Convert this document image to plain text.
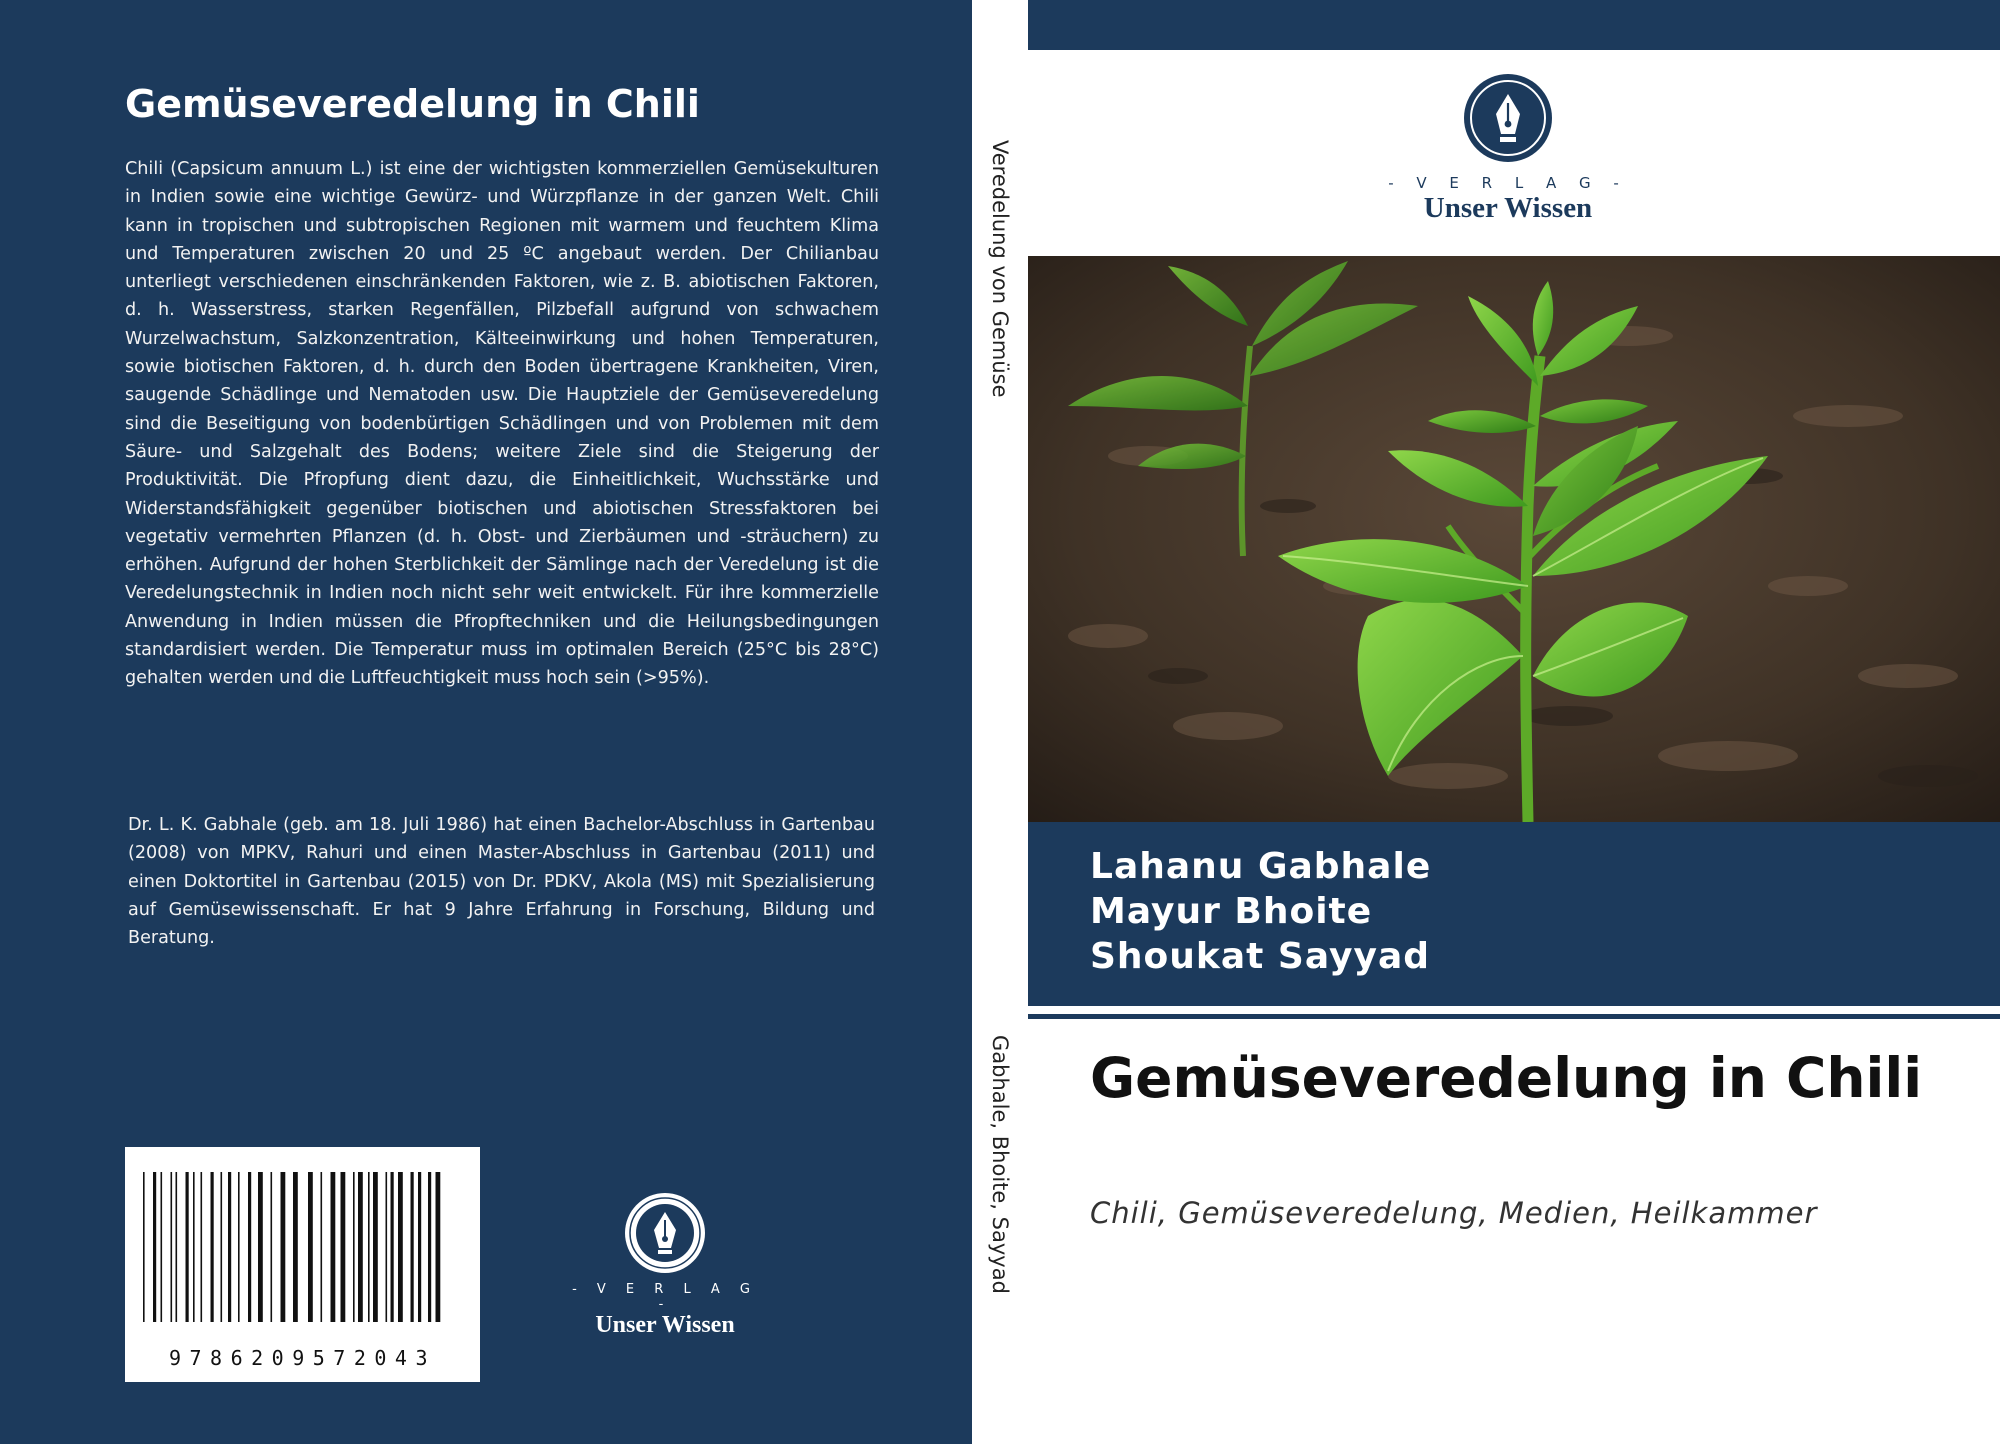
Gemüseveredelung in Chili

Chili (Capsicum annuum L.) ist eine der wichtigsten kommerziellen Gemüsekulturen in Indien sowie eine wichtige Gewürz- und Würzpflanze in der ganzen Welt. Chili kann in tropischen und subtropischen Regionen mit warmem und feuchtem Klima und Temperaturen zwischen 20 und 25 ºC angebaut werden. Der Chilianbau unterliegt verschiedenen einschränkenden Faktoren, wie z. B. abiotischen Faktoren, d. h. Wasserstress, starken Regenfällen, Pilzbefall aufgrund von schwachem Wurzelwachstum, Salzkonzentration, Kälteeinwirkung und hohen Temperaturen, sowie biotischen Faktoren, d. h. durch den Boden übertragene Krankheiten, Viren, saugende Schädlinge und Nematoden usw. Die Hauptziele der Gemüseveredelung sind die Beseitigung von bodenbürtigen Schädlingen und von Problemen mit dem Säure- und Salzgehalt des Bodens; weitere Ziele sind die Steigerung der Produktivität. Die Pfropfung dient dazu, die Einheitlichkeit, Wuchsstärke und Widerstandsfähigkeit gegenüber biotischen und abiotischen Stressfaktoren bei vegetativ vermehrten Pflanzen (d. h. Obst- und Zierbäumen und -sträuchern) zu erhöhen. Aufgrund der hohen Sterblichkeit der Sämlinge nach der Veredelung ist die Veredelungstechnik in Indien noch nicht sehr weit entwickelt. Für ihre kommerzielle Anwendung in Indien müssen die Pfropftechniken und die Heilungsbedingungen standardisiert werden. Die Temperatur muss im optimalen Bereich (25°C bis 28°C) gehalten werden und die Luftfeuchtigkeit muss hoch sein (>95%).

Dr. L. K. Gabhale (geb. am 18. Juli 1986) hat einen Bachelor-Abschluss in Gartenbau (2008) von MPKV, Rahuri und einen Master-Abschluss in Gartenbau (2011) und einen Doktortitel in Gartenbau (2015) von Dr. PDKV, Akola (MS) mit Spezialisierung auf Gemüsewissenschaft. Er hat 9 Jahre Erfahrung in Forschung, Bildung und Beratung.

9786209572043
- V E R L A G -
Unser Wissen
Veredelung von Gemüse
Gabhale, Bhoite, Sayyad
- V E R L A G -
Unser Wissen
Lahanu Gabhale
Mayur Bhoite
Shoukat Sayyad
Gemüseveredelung in Chili
Chili, Gemüseveredelung, Medien, Heilkammer
